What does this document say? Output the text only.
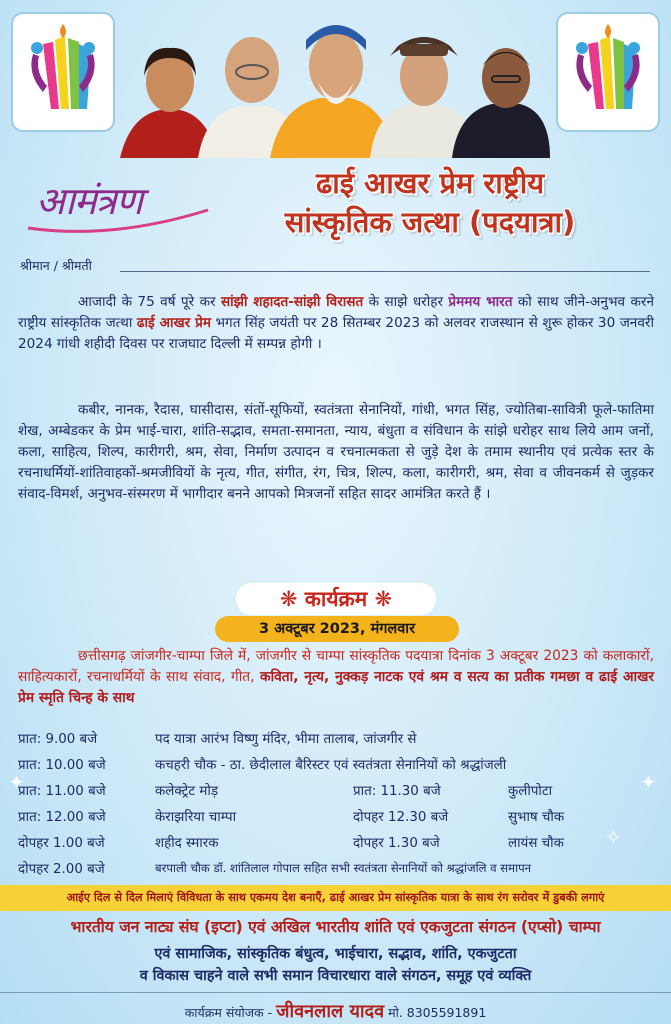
आमंत्रण	ढाई आखर प्रेम राष्ट्रीय
सांस्कृतिक जत्था (पदयात्रा)
श्रीमान / श्रीमती

आजादी के 75 वर्ष पूरे कर सांझी शहादत-सांझी विरासत के साझे धरोहर प्रेममय भारत को साथ जीने-अनुभव करने राष्ट्रीय सांस्कृतिक जत्था ढाई आखर प्रेम भगत सिंह जयंती पर 28 सितम्बर 2023 को अलवर राजस्थान से शुरू होकर 30 जनवरी 2024 गांधी शहीदी दिवस पर राजघाट दिल्ली में सम्पन्न होगी ।

कबीर, नानक, रैदास, घासीदास, संतों-सूफियों, स्वतंत्रता सेनानियों, गांधी, भगत सिंह, ज्योतिबा-सावित्री फूले-फातिमा शेख, अम्बेडकर के प्रेम भाई-चारा, शांति-सद्भाव, समता-समानता, न्याय, बंधुता व संविधान के सांझे धरोहर साथ लिये आम जनों, कला, साहित्य, शिल्प, कारीगरी, श्रम, सेवा, निर्माण उत्पादन व रचनात्मकता से जुड़े देश के तमाम स्थानीय एवं प्रत्येक स्तर के रचनाधर्मियों-शांतिवाहकों-श्रमजीवियों के नृत्य, गीत, संगीत, रंग, चित्र, शिल्प, कला, कारीगरी, श्रम, सेवा व जीवनकर्म से जुड़कर संवाद-विमर्श, अनुभव-संस्मरण में भागीदार बनने आपको मित्रजनों सहित सादर आमंत्रित करते हैं ।

❋ कार्यक्रम ❋
3 अक्टूबर 2023, मंगलवार

छत्तीसगढ़ जांजगीर-चाम्पा जिले में, जांजगीर से चाम्पा सांस्कृतिक पदयात्रा दिनांक 3 अक्टूबर 2023 को कलाकारों, साहित्यकारों, रचनाधर्मियों के साथ संवाद, गीत, कविता, नृत्य, नुक्कड़ नाटक एवं श्रम व सत्य का प्रतीक गमछा व ढाई आखर प्रेम स्मृति चिन्ह के साथ

प्रात: 9.00 बजे	पद यात्रा आरंभ विष्णु मंदिर, भीमा तालाब, जांजगीर से
प्रात: 10.00 बजे	कचहरी चौक - ठा. छेदीलाल बैरिस्टर एवं स्वतंत्रता सेनानियों को श्रद्धांजली
प्रात: 11.00 बजे	कलेक्ट्रेट मोड़	प्रात: 11.30 बजे	कुलीपोटा
प्रात: 12.00 बजे	केराझरिया चाम्पा	दोपहर 12.30 बजे	सुभाष चौक
दोपहर 1.00 बजे	शहीद स्मारक	दोपहर 1.30 बजे	लायंस चौक
दोपहर 2.00 बजे	बरपाली चौक डॉ. शांतिलाल गोपाल सहित सभी स्वतंत्रता सेनानियों को श्रद्धांजलि व समापन
आईए दिल से दिल मिलाएं विविधता के साथ एकमय देश बनाएँ, ढाई आखर प्रेम सांस्कृतिक यात्रा के साथ रंग सरोवर में डुबकी लगाएं
भारतीय जन नाट्य संघ (इप्टा) एवं अखिल भारतीय शांति एवं एकजुटता संगठन (एप्सो) चाम्पा
एवं सामाजिक, सांस्कृतिक बंधुत्व, भाईचारा, सद्भाव, शांति, एकजुटता
व विकास चाहने वाले सभी समान विचारधारा वाले संगठन, समूह एवं व्यक्ति
कार्यक्रम संयोजक - जीवनलाल यादव मो. 8305591891
✦
✧
✦
